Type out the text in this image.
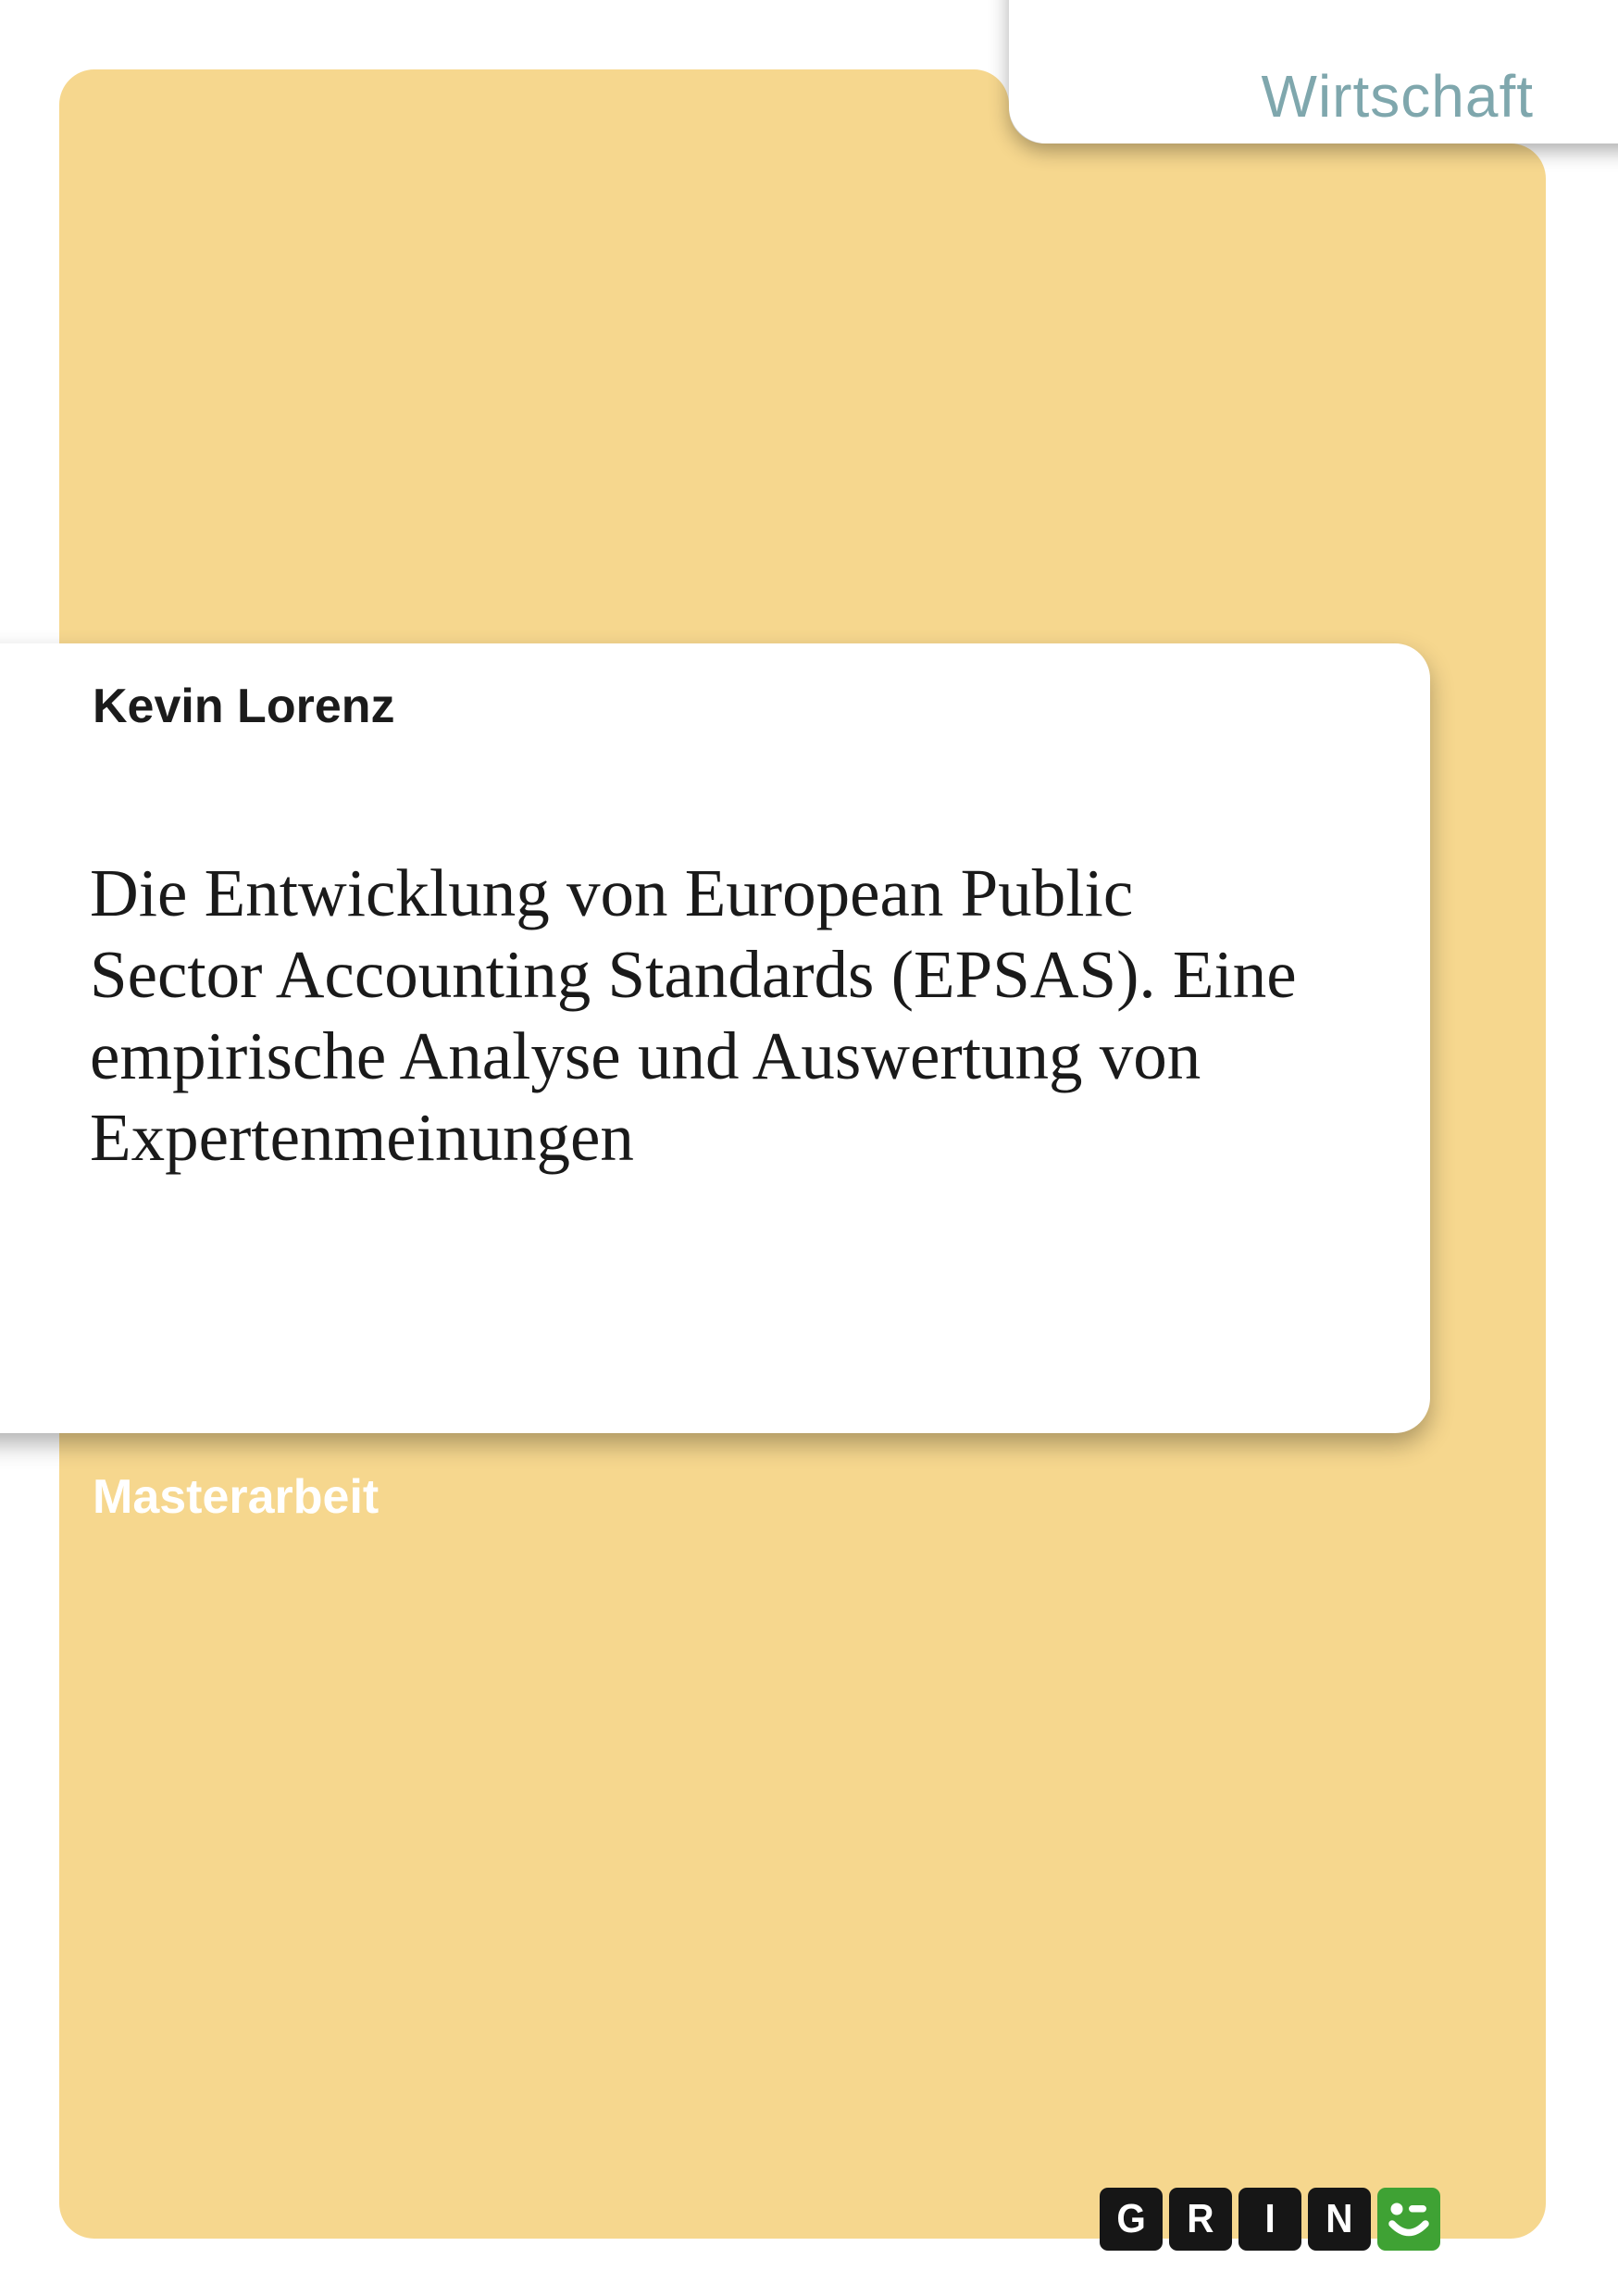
Wirtschaft
Kevin Lorenz
Die Entwicklung von European Public
Sector Accounting Standards (EPSAS). Eine
empirische Analyse und Auswertung von
Expertenmeinungen
Masterarbeit
G R I N
